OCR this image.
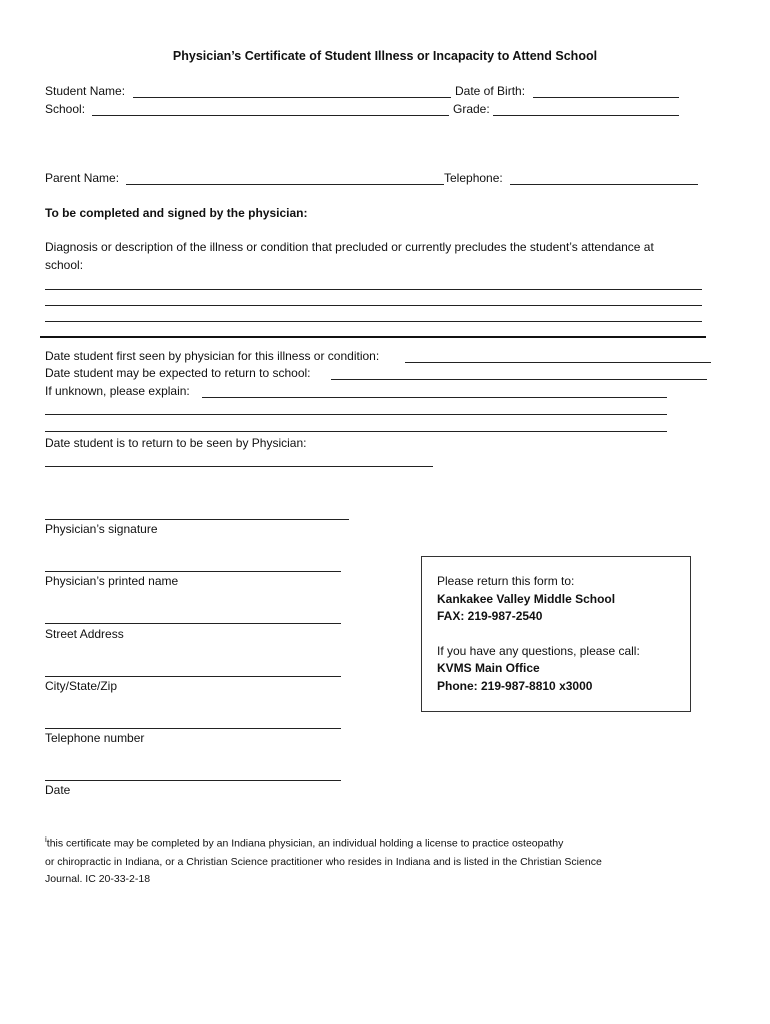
Physician’s Certificate of Student Illness or Incapacity to Attend School
Student Name:	Date of Birth:
School:	Grade:
Parent Name:	Telephone:
To be completed and signed by the physician:
Diagnosis or description of the illness or condition that precluded or currently precludes the student’s attendance at
school:
Date student first seen by physician for this illness or condition:
Date student may be expected to return to school:
If unknown, please explain:
Date student is to return to be seen by Physician:
Physician’s signature
Physician’s printed name
Street Address
City/State/Zip
Telephone number
Date
Please return this form to:
Kankakee Valley Middle School
FAX: 219-987-2540
If you have any questions, please call:
KVMS Main Office
Phone: 219-987-8810 x3000
$^i$this certificate may be completed by an Indiana physician, an individual holding a license to practice osteopathy
or chiropractic in Indiana, or a Christian Science practitioner who resides in Indiana and is listed in the Christian Science
Journal. IC 20-33-2-18
